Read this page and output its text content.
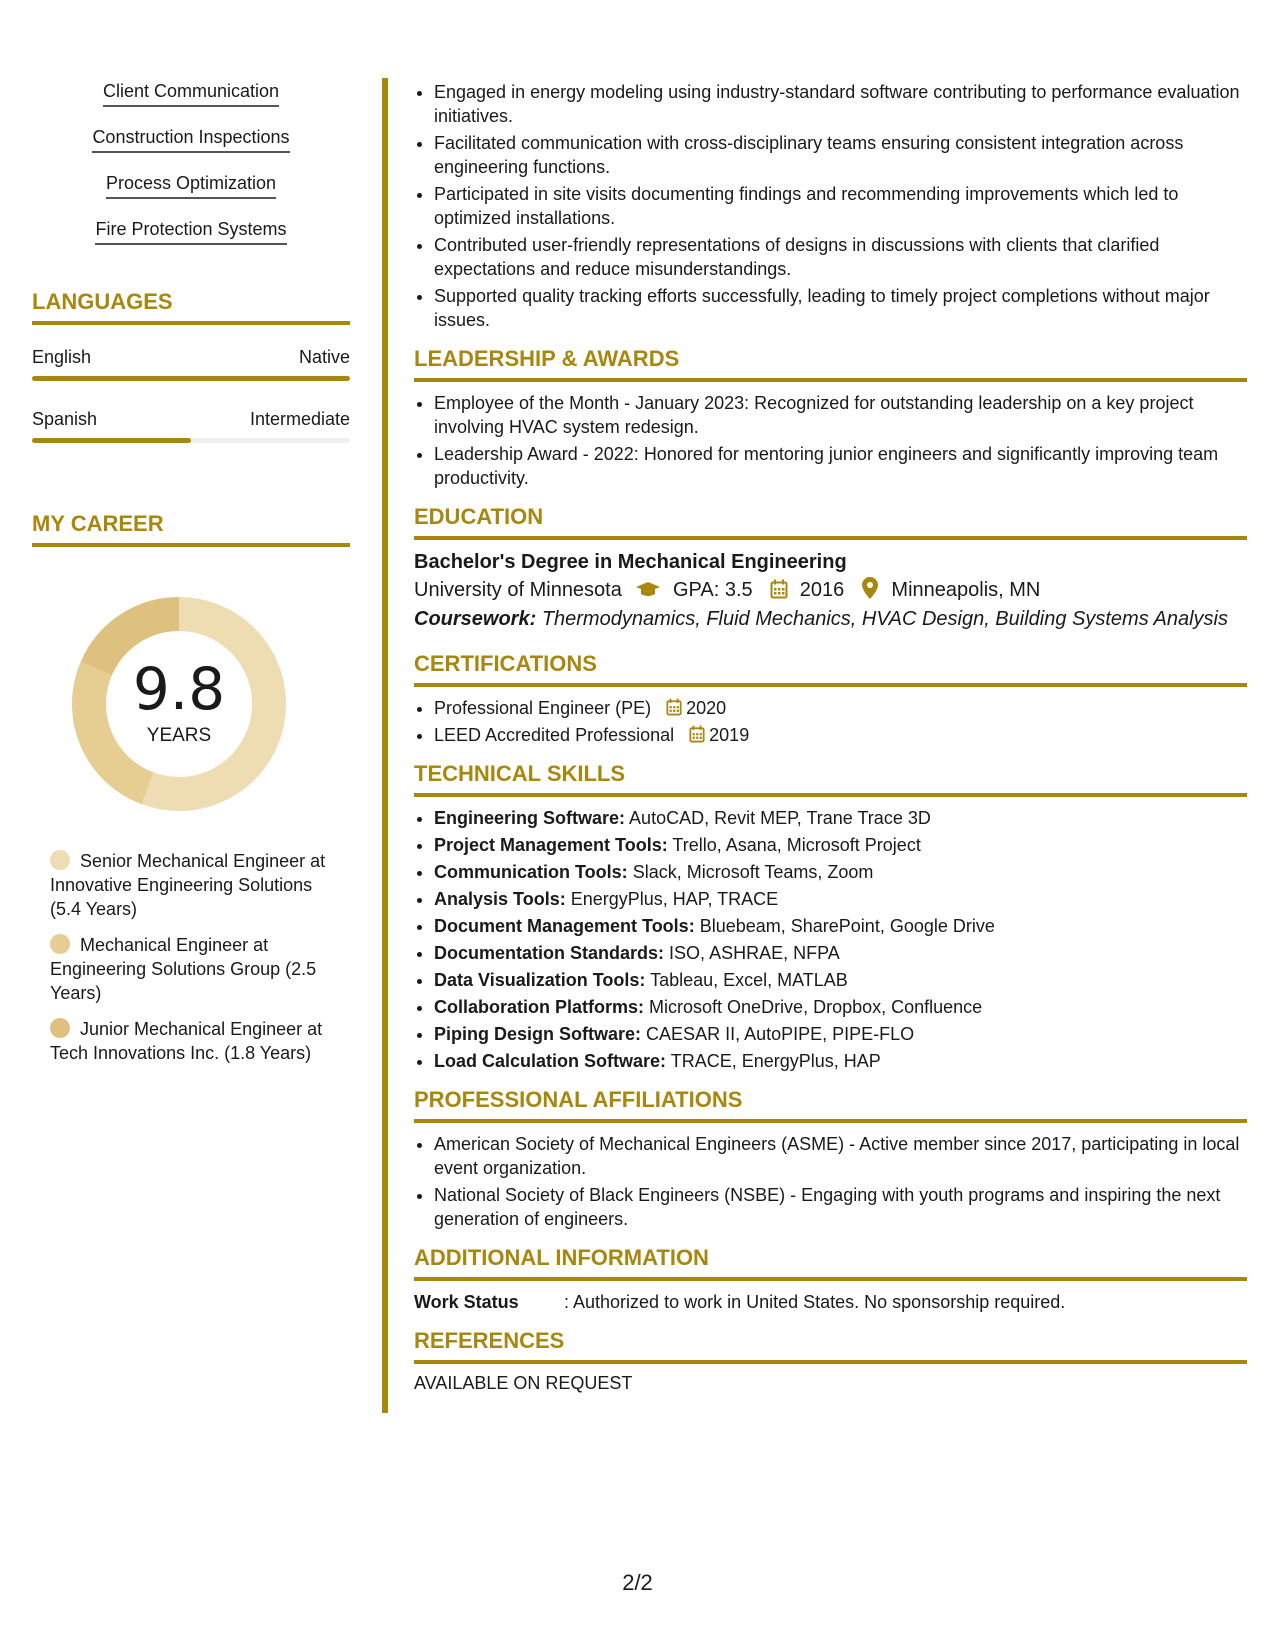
Client Communication
Construction Inspections
Process Optimization
Fire Protection Systems
LANGUAGES
English	Native
Spanish	Intermediate
MY CAREER
9.8
YEARS
Senior Mechanical Engineer at Innovative Engineering Solutions (5.4 Years)
Mechanical Engineer at Engineering Solutions Group (2.5 Years)
Junior Mechanical Engineer at Tech Innovations Inc. (1.8 Years)
• Engaged in energy modeling using industry-standard software contributing to performance evaluation initiatives.
• Facilitated communication with cross-disciplinary teams ensuring consistent integration across engineering functions.
• Participated in site visits documenting findings and recommending improvements which led to optimized installations.
• Contributed user-friendly representations of designs in discussions with clients that clarified expectations and reduce misunderstandings.
• Supported quality tracking efforts successfully, leading to timely project completions without major issues.
LEADERSHIP & AWARDS
• Employee of the Month - January 2023: Recognized for outstanding leadership on a key project involving HVAC system redesign.
• Leadership Award - 2022: Honored for mentoring junior engineers and significantly improving team productivity.
EDUCATION
Bachelor's Degree in Mechanical Engineering
University of Minnesota	GPA: 3.5 2016 Minneapolis, MN
Coursework: Thermodynamics, Fluid Mechanics, HVAC Design, Building Systems Analysis
CERTIFICATIONS
• Professional Engineer (PE) 2020
• LEED Accredited Professional 2019
TECHNICAL SKILLS
• Engineering Software: AutoCAD, Revit MEP, Trane Trace 3D
• Project Management Tools: Trello, Asana, Microsoft Project
• Communication Tools: Slack, Microsoft Teams, Zoom
• Analysis Tools: EnergyPlus, HAP, TRACE
• Document Management Tools: Bluebeam, SharePoint, Google Drive
• Documentation Standards: ISO, ASHRAE, NFPA
• Data Visualization Tools: Tableau, Excel, MATLAB
• Collaboration Platforms: Microsoft OneDrive, Dropbox, Confluence
• Piping Design Software: CAESAR II, AutoPIPE, PIPE-FLO
• Load Calculation Software: TRACE, EnergyPlus, HAP
PROFESSIONAL AFFILIATIONS
• American Society of Mechanical Engineers (ASME) - Active member since 2017, participating in local event organization.
• National Society of Black Engineers (NSBE) - Engaging with youth programs and inspiring the next generation of engineers.
ADDITIONAL INFORMATION
Work Status	: Authorized to work in United States. No sponsorship required.
REFERENCES
AVAILABLE ON REQUEST
2/2
